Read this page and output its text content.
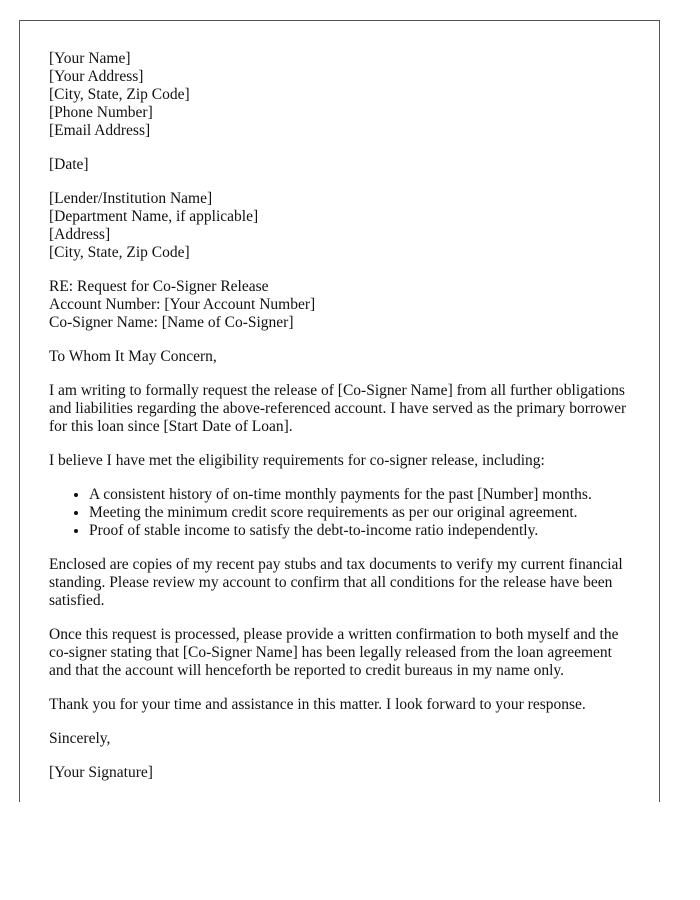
[Your Name]
[Your Address]
[City, State, Zip Code]
[Phone Number]
[Email Address]
[Date]
[Lender/Institution Name]
[Department Name, if applicable]
[Address]
[City, State, Zip Code]
RE: Request for Co-Signer Release
Account Number: [Your Account Number]
Co-Signer Name: [Name of Co-Signer]

To Whom It May Concern,

I am writing to formally request the release of [Co-Signer Name] from all further obligations and liabilities regarding the above-referenced account. I have served as the primary borrower for this loan since [Start Date of Loan].

I believe I have met the eligibility requirements for co-signer release, including:

• A consistent history of on-time monthly payments for the past [Number] months.
• Meeting the minimum credit score requirements as per our original agreement.
• Proof of stable income to satisfy the debt-to-income ratio independently.

Enclosed are copies of my recent pay stubs and tax documents to verify my current financial standing. Please review my account to confirm that all conditions for the release have been satisfied.

Once this request is processed, please provide a written confirmation to both myself and the co-signer stating that [Co-Signer Name] has been legally released from the loan agreement and that the account will henceforth be reported to credit bureaus in my name only.

Thank you for your time and assistance in this matter. I look forward to your response.

Sincerely,

[Your Signature]
